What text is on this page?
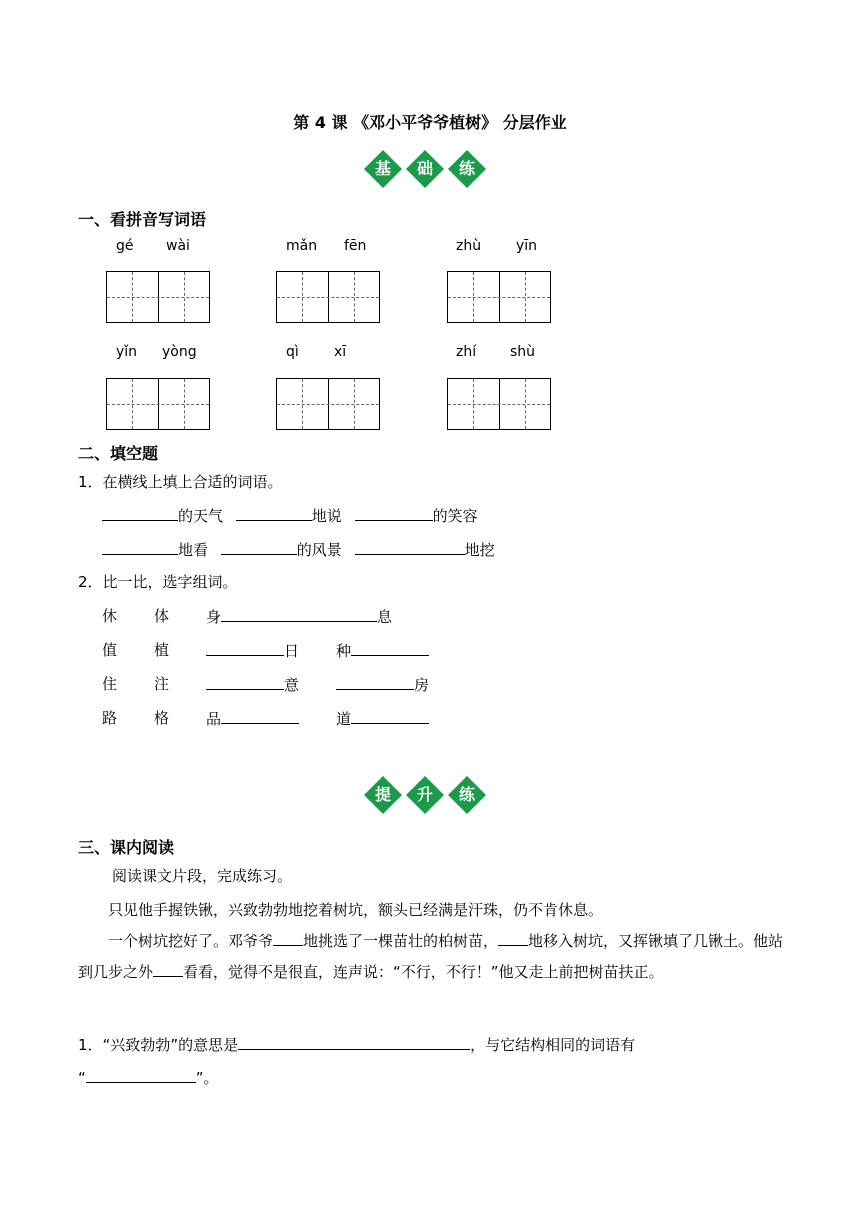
第 4 课 《邓小平爷爷植树》 分层作业
基	础	练
一、看拼音写词语
gé wài	mǎn fēn	zhù yīn
yǐn yòng	qì	xī	zhí shù
二、填空题
1．在横线上填上合适的词语。
的天气	地说	的笑容
地看	的风景	地挖
2．比一比，选字组词。
休 体 身	息
值 植	日 种
住 注	意	房
路 格 品	道
提	升	练
三、课内阅读
阅读课文片段，完成练习。
只见他手握铁锹，兴致勃勃地挖着树坑，额头已经满是汗珠，仍不肯休息。
一个树坑挖好了。邓爷爷 地挑选了一棵苗壮的柏树苗， 地移入树坑，又挥锹填了几锹土。他站到几步之外 看看，觉得不是很直，连声说：“不行，不行！”他又走上前把树苗扶正。
1．“兴致勃勃”的意思是	，与它结构相同的词语有
“	”。
